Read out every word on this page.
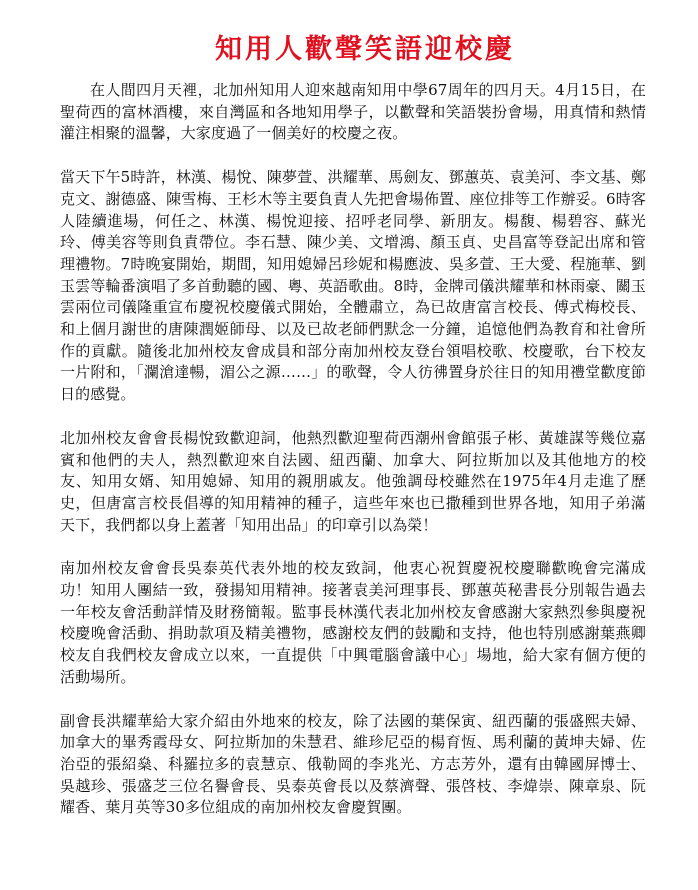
知用人歡聲笑語迎校慶

在人間四月天裡，北加州知用人迎來越南知用中學67周年的四月天。4月15日，在聖荷西的富林酒樓，來自灣區和各地知用學子，以歡聲和笑語裝扮會場，用真情和熱情灌注相聚的溫馨，大家度過了一個美好的校慶之夜。

當天下午5時許，林漢、楊悅、陳夢萱、洪耀華、馬劍友、鄧蕙英、袁美河、李文基、鄭克文、謝德盛、陳雪梅、王杉木等主要負責人先把會場佈置、座位排等工作辦妥。6時客人陸續進場，何任之、林漢、楊悅迎接、招呼老同學、新朋友。楊馥、楊碧容、蘇光玲、傅美容等則負責帶位。李石慧、陳少美、文增鴻、顏玉貞、史昌富等登記出席和管理禮物。7時晚宴開始，期間，知用媳婦呂珍妮和楊應波、吳多萱、王大愛、程施華、劉玉雲等輪番演唱了多首動聽的國、粵、英語歌曲。8時，金牌司儀洪耀華和林雨豪、關玉雲兩位司儀隆重宣布慶祝校慶儀式開始，全體肅立，為已故唐富言校長、傅式梅校長、和上個月謝世的唐陳潤姬師母、以及已故老師們默念一分鐘，追憶他們為教育和社會所作的貢獻。隨後北加州校友會成員和部分南加州校友登台領唱校歌、校慶歌，台下校友一片附和，「瀾滄達暢，湄公之源……」的歌聲，令人彷彿置身於往日的知用禮堂歡度節日的感覺。

北加州校友會會長楊悅致歡迎詞，他熱烈歡迎聖荷西潮州會館張子彬、黃雄謀等幾位嘉賓和他們的夫人，熱烈歡迎來自法國、紐西蘭、加拿大、阿拉斯加以及其他地方的校友、知用女婿、知用媳婦、知用的親朋戚友。他強調母校雖然在1975年4月走進了歷史，但唐富言校長倡導的知用精神的種子，這些年來也已撒種到世界各地，知用子弟滿天下，我們都以身上蓋著「知用出品」的印章引以為榮！

南加州校友會會長吳泰英代表外地的校友致詞，他衷心祝賀慶祝校慶聯歡晚會完滿成功！知用人團結一致，發揚知用精神。接著袁美河理事長、鄧蕙英秘書長分別報告過去一年校友會活動詳情及財務簡報。監事長林漢代表北加州校友會感謝大家熱烈參與慶祝校慶晚會活動、捐助款項及精美禮物，感謝校友們的鼓勵和支持，他也特別感謝葉燕卿校友自我們校友會成立以來，一直提供「中興電腦會議中心」場地，給大家有個方便的活動場所。

副會長洪耀華給大家介紹由外地來的校友，除了法國的葉保寅、紐西蘭的張盛熙夫婦、加拿大的畢秀霞母女、阿拉斯加的朱慧君、維珍尼亞的楊育恆、馬利蘭的黃坤夫婦、佐治亞的張紹燊、科羅拉多的袁慧京、俄勒岡的李兆光、方志芳外，還有由韓國屏博士、吳越珍、張盛芝三位名譽會長、吳泰英會長以及蔡濟聲、張啓枝、李煒崇、陳章泉、阮耀香、葉月英等30多位組成的南加州校友會慶賀團。
